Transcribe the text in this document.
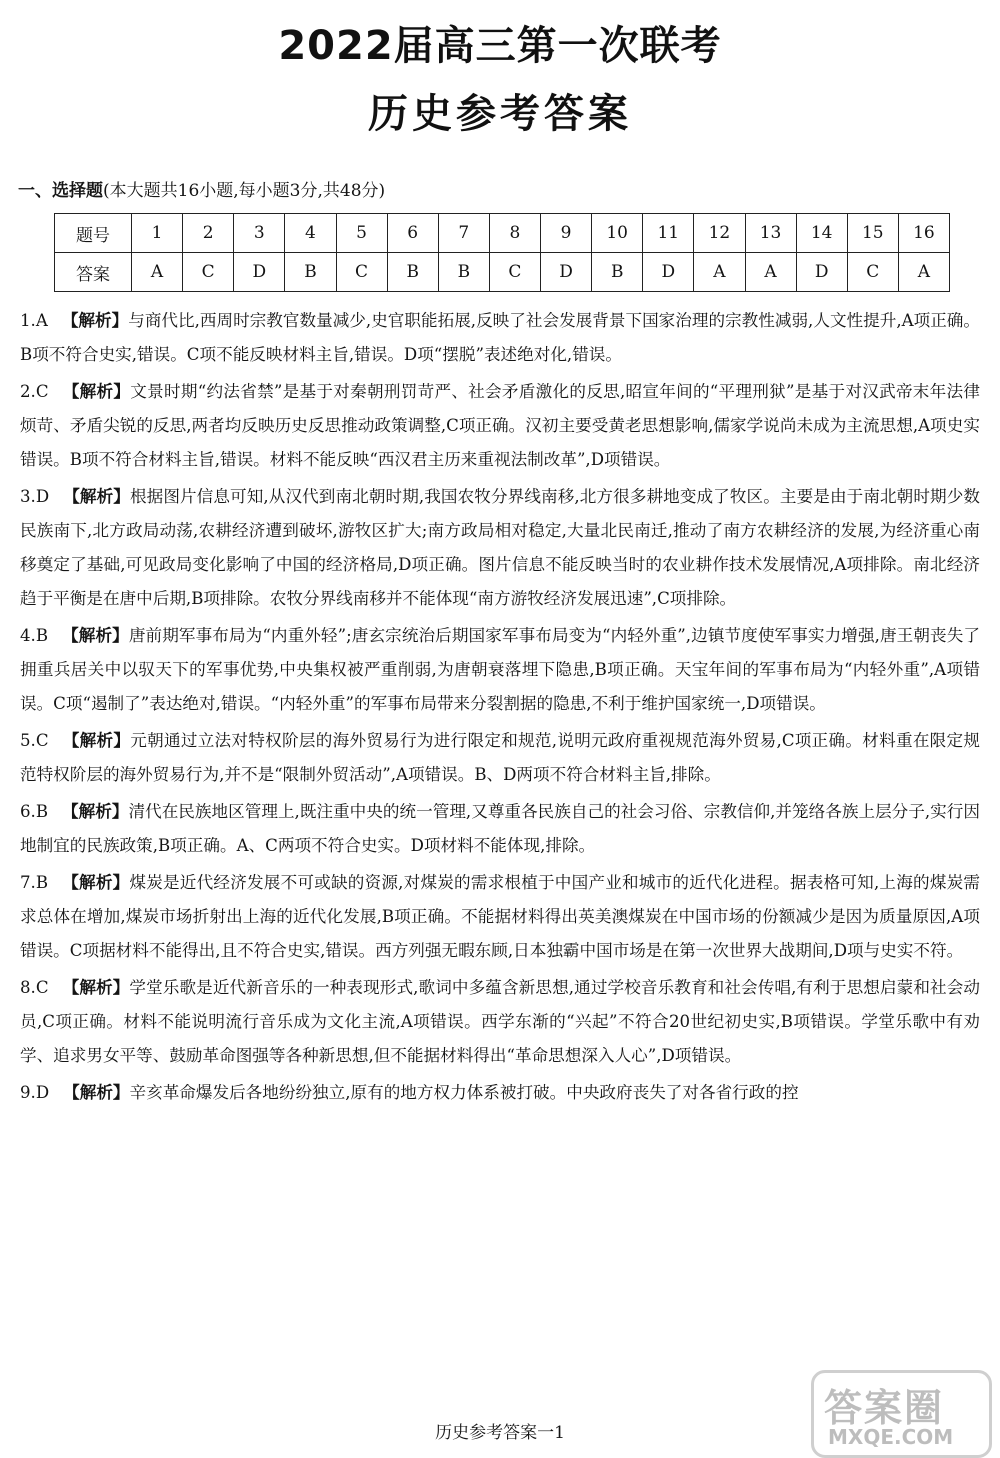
2022届高三第一次联考
历史参考答案
一、选择题(本大题共16小题,每小题3分,共48分)
题号	1	2	3	4	5	6	7	8	9	10	11	12	13	14	15	16
答案	A	C	D	B	C	B	B	C	D	B	D	A	A	D	C	A
1.A 【解析】与商代比,西周时宗教官数量减少,史官职能拓展,反映了社会发展背景下国家治理的宗教性减弱,人文性提升,A项正确。B项不符合史实,错误。C项不能反映材料主旨,错误。D项“摆脱”表述绝对化,错误。
2.C 【解析】文景时期“约法省禁”是基于对秦朝刑罚苛严、社会矛盾激化的反思,昭宣年间的“平理刑狱”是基于对汉武帝末年法律烦苛、矛盾尖锐的反思,两者均反映历史反思推动政策调整,C项正确。汉初主要受黄老思想影响,儒家学说尚未成为主流思想,A项史实错误。B项不符合材料主旨,错误。材料不能反映“西汉君主历来重视法制改革”,D项错误。
3.D 【解析】根据图片信息可知,从汉代到南北朝时期,我国农牧分界线南移,北方很多耕地变成了牧区。主要是由于南北朝时期少数民族南下,北方政局动荡,农耕经济遭到破坏,游牧区扩大;南方政局相对稳定,大量北民南迁,推动了南方农耕经济的发展,为经济重心南移奠定了基础,可见政局变化影响了中国的经济格局,D项正确。图片信息不能反映当时的农业耕作技术发展情况,A项排除。南北经济趋于平衡是在唐中后期,B项排除。农牧分界线南移并不能体现“南方游牧经济发展迅速”,C项排除。
4.B 【解析】唐前期军事布局为“内重外轻”;唐玄宗统治后期国家军事布局变为“内轻外重”,边镇节度使军事实力增强,唐王朝丧失了拥重兵居关中以驭天下的军事优势,中央集权被严重削弱,为唐朝衰落埋下隐患,B项正确。天宝年间的军事布局为“内轻外重”,A项错误。C项“遏制了”表达绝对,错误。“内轻外重”的军事布局带来分裂割据的隐患,不利于维护国家统一,D项错误。
5.C 【解析】元朝通过立法对特权阶层的海外贸易行为进行限定和规范,说明元政府重视规范海外贸易,C项正确。材料重在限定规范特权阶层的海外贸易行为,并不是“限制外贸活动”,A项错误。B、D两项不符合材料主旨,排除。
6.B 【解析】清代在民族地区管理上,既注重中央的统一管理,又尊重各民族自己的社会习俗、宗教信仰,并笼络各族上层分子,实行因地制宜的民族政策,B项正确。A、C两项不符合史实。D项材料不能体现,排除。
7.B 【解析】煤炭是近代经济发展不可或缺的资源,对煤炭的需求根植于中国产业和城市的近代化进程。据表格可知,上海的煤炭需求总体在增加,煤炭市场折射出上海的近代化发展,B项正确。不能据材料得出英美澳煤炭在中国市场的份额减少是因为质量原因,A项错误。C项据材料不能得出,且不符合史实,错误。西方列强无暇东顾,日本独霸中国市场是在第一次世界大战期间,D项与史实不符。
8.C 【解析】学堂乐歌是近代新音乐的一种表现形式,歌词中多蕴含新思想,通过学校音乐教育和社会传唱,有利于思想启蒙和社会动员,C项正确。材料不能说明流行音乐成为文化主流,A项错误。西学东渐的“兴起”不符合20世纪初史实,B项错误。学堂乐歌中有劝学、追求男女平等、鼓励革命图强等各种新思想,但不能据材料得出“革命思想深入人心”,D项错误。
9.D 【解析】辛亥革命爆发后各地纷纷独立,原有的地方权力体系被打破。中央政府丧失了对各省行政的控
历史参考答案一1
答案圈
MXQE.COM
